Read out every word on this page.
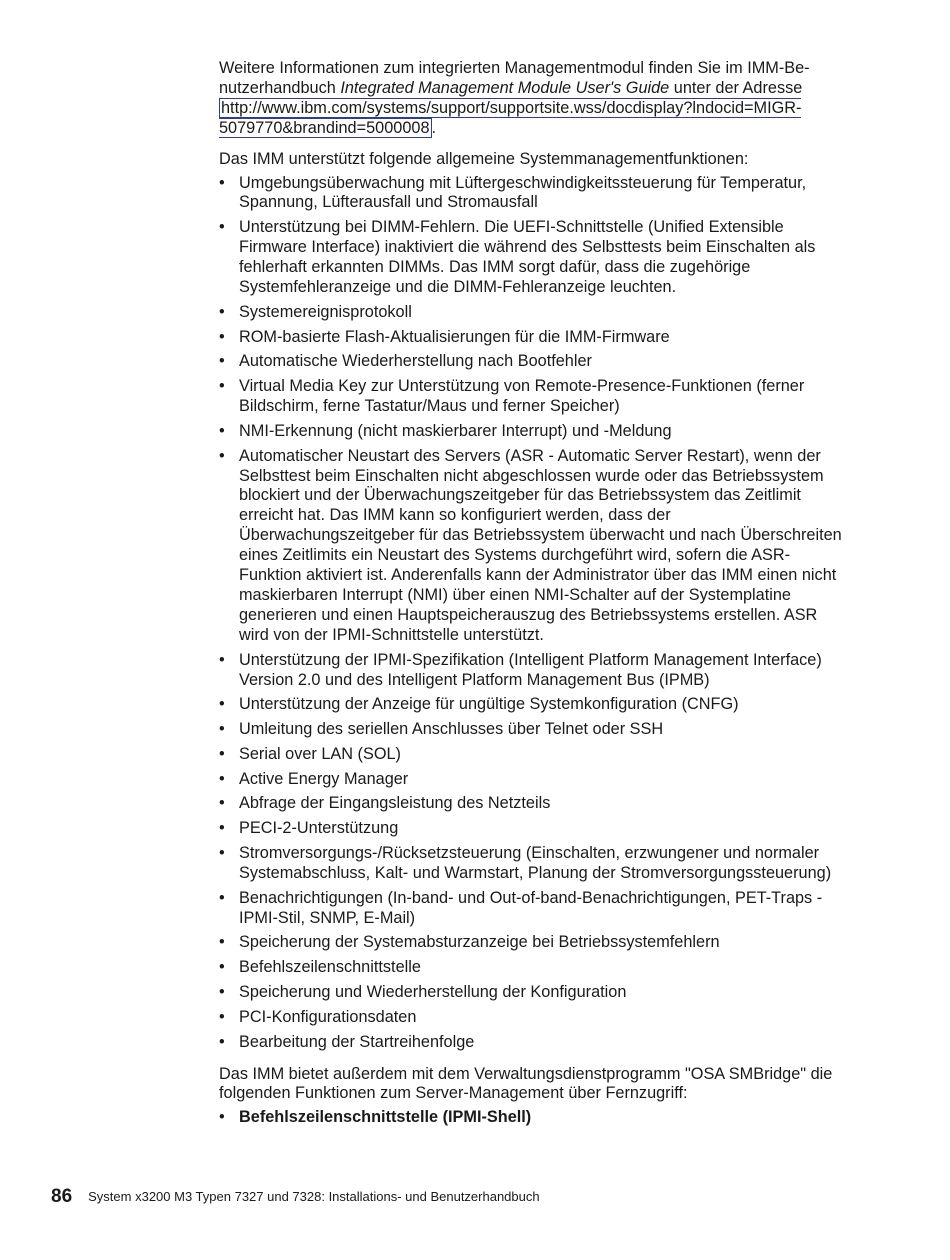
Weitere Informationen zum integrierten Managementmodul finden Sie im IMM-Be- nutzerhandbuch Integrated Management Module User's Guide unter der Adresse http://www.ibm.com/systems/support/supportsite.wss/docdisplay?lndocid=MIGR-5079770&brandind=5000008 .

Das IMM unterstützt folgende allgemeine Systemmanagementfunktionen:

• Umgebungsüberwachung mit Lüftergeschwindigkeitssteuerung für Temperatur, Spannung, Lüfterausfall und Stromausfall
• Unterstützung bei DIMM-Fehlern. Die UEFI-Schnittstelle (Unified Extensible Firmware Interface) inaktiviert die während des Selbsttests beim Einschalten als fehlerhaft erkannten DIMMs. Das IMM sorgt dafür, dass die zugehörige Systemfehleranzeige und die DIMM-Fehleranzeige leuchten.
• Systemereignisprotokoll
• ROM-basierte Flash-Aktualisierungen für die IMM-Firmware
• Automatische Wiederherstellung nach Bootfehler
• Virtual Media Key zur Unterstützung von Remote-Presence-Funktionen (ferner Bildschirm, ferne Tastatur/Maus und ferner Speicher)
• NMI-Erkennung (nicht maskierbarer Interrupt) und -Meldung
• Automatischer Neustart des Servers (ASR - Automatic Server Restart), wenn der Selbsttest beim Einschalten nicht abgeschlossen wurde oder das Betriebssystem blockiert und der Überwachungszeitgeber für das Betriebssystem das Zeitlimit erreicht hat. Das IMM kann so konfiguriert werden, dass der Überwachungszeitgeber für das Betriebssystem überwacht und nach Überschreiten eines Zeitlimits ein Neustart des Systems durchgeführt wird, sofern die ASR-Funktion aktiviert ist. Anderenfalls kann der Administrator über das IMM einen nicht maskierbaren Interrupt (NMI) über einen NMI-Schalter auf der Systemplatine generieren und einen Hauptspeicherauszug des Betriebssystems erstellen. ASR wird von der IPMI-Schnittstelle unterstützt.
• Unterstützung der IPMI-Spezifikation (Intelligent Platform Management Interface) Version 2.0 und des Intelligent Platform Management Bus (IPMB)
• Unterstützung der Anzeige für ungültige Systemkonfiguration (CNFG)
• Umleitung des seriellen Anschlusses über Telnet oder SSH
• Serial over LAN (SOL)
• Active Energy Manager
• Abfrage der Eingangsleistung des Netzteils
• PECI-2-Unterstützung
• Stromversorgungs-/Rücksetzsteuerung (Einschalten, erzwungener und normaler Systemabschluss, Kalt- und Warmstart, Planung der Stromversorgungssteuerung)
• Benachrichtigungen (In-band- und Out-of-band-Benachrichtigungen, PET-Traps - IPMI-Stil, SNMP, E-Mail)
• Speicherung der Systemabsturzanzeige bei Betriebssystemfehlern
• Befehlszeilenschnittstelle
• Speicherung und Wiederherstellung der Konfiguration
• PCI-Konfigurationsdaten
• Bearbeitung der Startreihenfolge

Das IMM bietet außerdem mit dem Verwaltungsdienstprogramm "OSA SMBridge" die folgenden Funktionen zum Server-Management über Fernzugriff:

• Befehlszeilenschnittstelle (IPMI-Shell)
86 System x3200 M3 Typen 7327 und 7328: Installations- und Benutzerhandbuch
